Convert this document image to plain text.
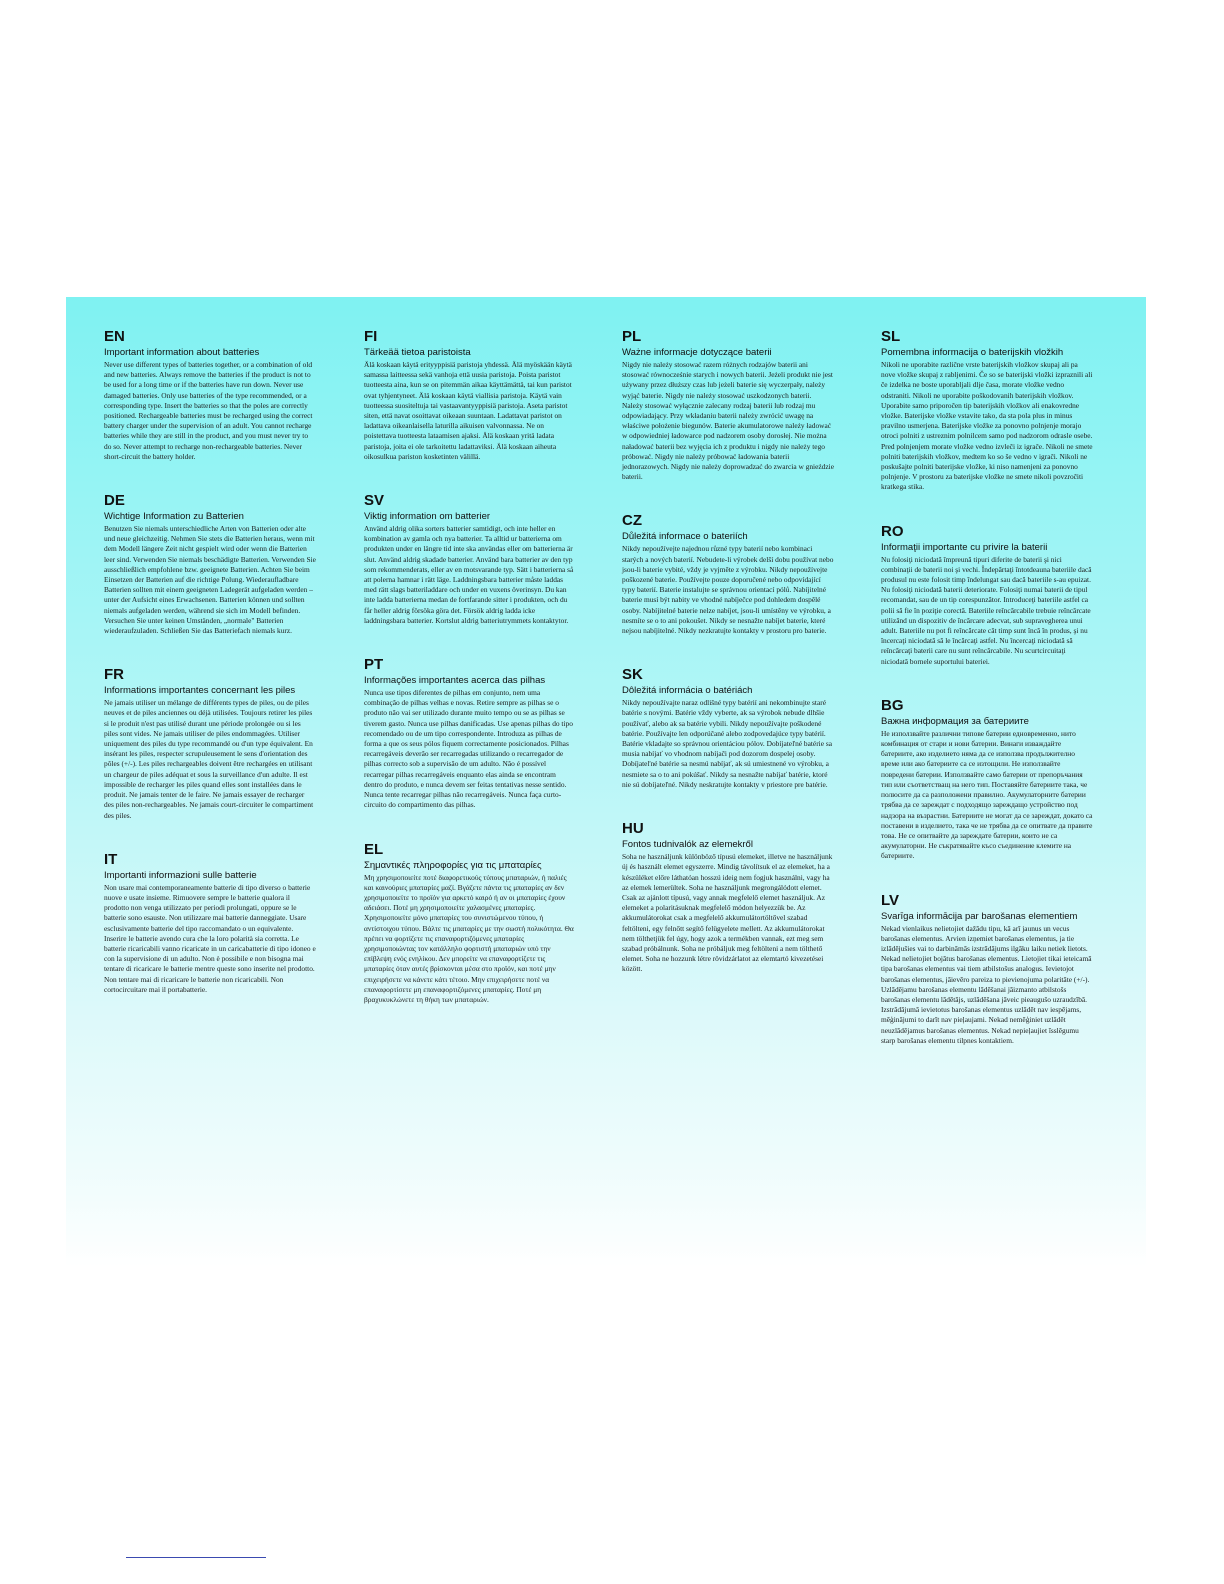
EN
Important information about batteries

Never use different types of batteries together, or a combination of old and new batteries. Always remove the batteries if the product is not to be used for a long time or if the batteries have run down. Never use damaged batteries. Only use batteries of the type recommended, or a corresponding type. Insert the batteries so that the poles are correctly positioned. Rechargeable batteries must be recharged using the correct battery charger under the supervision of an adult. You cannot recharge batteries while they are still in the product, and you must never try to do so. Never attempt to recharge non-rechargeable batteries. Never short-circuit the battery holder.

DE
Wichtige Information zu Batterien

Benutzen Sie niemals unterschiedliche Arten von Batterien oder alte und neue gleichzeitig. Nehmen Sie stets die Batterien heraus, wenn mit dem Modell längere Zeit nicht gespielt wird oder wenn die Batterien leer sind. Verwenden Sie niemals beschädigte Batterien. Verwenden Sie ausschließlich empfohlene bzw. geeignete Batterien. Achten Sie beim Einsetzen der Batterien auf die richtige Polung. Wiederaufladbare Batterien sollten mit einem geeigneten Ladegerät aufgeladen werden – unter der Aufsicht eines Erwachsenen. Batterien können und sollten niemals aufgeladen werden, während sie sich im Modell befinden. Versuchen Sie unter keinen Umständen, „normale" Batterien wiederaufzuladen. Schließen Sie das Batteriefach niemals kurz.

FR
Informations importantes concernant les piles

Ne jamais utiliser un mélange de différents types de piles, ou de piles neuves et de piles anciennes ou déjà utilisées. Toujours retirer les piles si le produit n'est pas utilisé durant une période prolongée ou si les piles sont vides. Ne jamais utiliser de piles endommagées. Utiliser uniquement des piles du type recommandé ou d'un type équivalent. En insérant les piles, respecter scrupuleusement le sens d'orientation des pôles (+/-). Les piles rechargeables doivent être rechargées en utilisant un chargeur de piles adéquat et sous la surveillance d'un adulte. Il est impossible de recharger les piles quand elles sont installées dans le produit. Ne jamais tenter de le faire. Ne jamais essayer de recharger des piles non-rechargeables. Ne jamais court-circuiter le compartiment des piles.

IT
Importanti informazioni sulle batterie

Non usare mai contemporaneamente batterie di tipo diverso o batterie nuove e usate insieme. Rimuovere sempre le batterie qualora il prodotto non venga utilizzato per periodi prolungati, oppure se le batterie sono esauste. Non utilizzare mai batterie danneggiate. Usare esclusivamente batterie del tipo raccomandato o un equivalente. Inserire le batterie avendo cura che la loro polarità sia corretta. Le batterie ricaricabili vanno ricaricate in un caricabatterie di tipo idoneo e con la supervisione di un adulto. Non è possibile e non bisogna mai tentare di ricaricare le batterie mentre queste sono inserite nel prodotto. Non tentare mai di ricaricare le batterie non ricaricabili. Non cortocircuitare mai il portabatterie.

FI
Tärkeää tietoa paristoista

Älä koskaan käytä erityyppisiä paristoja yhdessä. Älä myöskään käytä samassa laitteessa sekä vanhoja että uusia paristoja. Poista paristot tuotteesta aina, kun se on pitemmän aikaa käyttämättä, tai kun paristot ovat tyhjentyneet. Älä koskaan käytä viallisia paristoja. Käytä vain tuotteessa suositeltuja tai vastaavantyyppisiä paristoja. Aseta paristot siten, että navat osoittavat oikeaan suuntaan. Ladattavat paristot on ladattava oikeanlaisella laturilla aikuisen valvonnassa. Ne on poistettava tuotteesta lataamisen ajaksi. Älä koskaan yritä ladata paristoja, joita ei ole tarkoitettu ladattaviksi. Älä koskaan aiheuta oikosulkua pariston kosketinten välillä.

SV
Viktig information om batterier

Använd aldrig olika sorters batterier samtidigt, och inte heller en kombination av gamla och nya batterier. Ta alltid ur batterierna om produkten under en längre tid inte ska användas eller om batterierna är slut. Använd aldrig skadade batterier. Använd bara batterier av den typ som rekommenderats, eller av en motsvarande typ. Sätt i batterierna så att polerna hamnar i rätt läge. Laddningsbara batterier måste laddas med rätt slags batteriladdare och under en vuxens överinsyn. Du kan inte ladda batterierna medan de fortfarande sitter i produkten, och du får heller aldrig försöka göra det. Försök aldrig ladda icke laddningsbara batterier. Kortslut aldrig batteriutrymmets kontaktytor.

PT
Informações importantes acerca das pilhas

Nunca use tipos diferentes de pilhas em conjunto, nem uma combinação de pilhas velhas e novas. Retire sempre as pilhas se o produto não vai ser utilizado durante muito tempo ou se as pilhas se tiverem gasto. Nunca use pilhas danificadas. Use apenas pilhas do tipo recomendado ou de um tipo correspondente. Introduza as pilhas de forma a que os seus pólos fiquem correctamente posicionados. Pilhas recarregáveis deverão ser recarregadas utilizando o recarregador de pilhas correcto sob a supervisão de um adulto. Não é possível recarregar pilhas recarregáveis enquanto elas ainda se encontram dentro do produto, e nunca devem ser feitas tentativas nesse sentido. Nunca tente recarregar pilhas não recarregáveis. Nunca faça curto-circuito do compartimento das pilhas.

EL
Σημαντικές πληροφορίες για τις μπαταρίες

Μη χρησιμοποιείτε ποτέ διαφορετικούς τύπους μπαταριών, ή παλιές και καινούριες μπαταρίες μαζί. Βγάζετε πάντα τις μπαταρίες αν δεν χρησιμοποιείτε το προϊόν για αρκετό καιρό ή αν οι μπαταρίες έχουν αδειάσει. Ποτέ μη χρησιμοποιείτε χαλασμένες μπαταρίες. Χρησιμοποιείτε μόνο μπαταρίες του συνιστώμενου τύπου, ή αντίστοιχου τύπου. Βάλτε τις μπαταρίες με την σωστή πολικότητα. Θα πρέπει να φορτίζετε τις επαναφορτιζόμενες μπαταρίες χρησιμοποιώντας τον κατάλληλο φορτιστή μπαταριών υπό την επίβλεψη ενός ενηλίκου. Δεν μπορείτε να επαναφορτίζετε τις μπαταρίες όταν αυτές βρίσκονται μέσα στο προϊόν, και ποτέ μην επιχειρήσετε να κάνετε κάτι τέτοιο. Μην επιχειρήσετε ποτέ να επαναφορτίσετε μη επαναφορτιζόμενες μπαταρίες. Ποτέ μη βραχυκυκλώνετε τη θήκη των μπαταριών.

PL
Ważne informacje dotyczące baterii

Nigdy nie należy stosować razem różnych rodzajów baterii ani stosować równocześnie starych i nowych baterii. Jeżeli produkt nie jest używany przez dłuższy czas lub jeżeli baterie się wyczerpały, należy wyjąć baterie. Nigdy nie należy stosować uszkodzonych baterii. Należy stosować wyłącznie zalecany rodzaj baterii lub rodzaj mu odpowiadający. Przy wkładaniu baterii należy zwrócić uwagę na właściwe położenie biegunów. Baterie akumulatorowe należy ładować w odpowiedniej ładowarce pod nadzorem osoby dorosłej. Nie można naładować baterii bez wyjęcia ich z produktu i nigdy nie należy tego próbować. Nigdy nie należy próbować ładowania baterii jednorazowych. Nigdy nie należy doprowadzać do zwarcia w gnieździe baterii.

CZ
Důležitá informace o bateriích

Nikdy nepoužívejte najednou různé typy baterií nebo kombinaci starých a nových baterií. Nebudete-li výrobek delší dobu používat nebo jsou-li baterie vybité, vždy je vyjměte z výrobku. Nikdy nepoužívejte poškozené baterie. Používejte pouze doporučené nebo odpovídající typy baterií. Baterie instalujte se správnou orientací pólů. Nabíjitelné baterie musí být nabity ve vhodné nabíječce pod dohledem dospělé osoby. Nabíjitelné baterie nelze nabíjet, jsou-li umístěny ve výrobku, a nesmíte se o to ani pokoušet. Nikdy se nesnažte nabíjet baterie, které nejsou nabíjitelné. Nikdy nezkratujte kontakty v prostoru pro baterie.

SK
Dôležitá informácia o batériách

Nikdy nepoužívajte naraz odlišné typy batérií ani nekombinujte staré batérie s novými. Batérie vždy vyberte, ak sa výrobok nebude dlhšie používať, alebo ak sa batérie vybili. Nikdy nepoužívajte poškodené batérie. Používajte len odporúčané alebo zodpovedajúce typy batérií. Batérie vkladajte so správnou orientáciou pólov. Dobíjateľné batérie sa musia nabíjať vo vhodnom nabíjači pod dozorom dospelej osoby. Dobíjateľné batérie sa nesmú nabíjať, ak sú umiestnené vo výrobku, a nesmiete sa o to ani pokúšať. Nikdy sa nesnažte nabíjať batérie, ktoré nie sú dobíjateľné. Nikdy neskratujte kontakty v priestore pre batérie.

HU
Fontos tudnivalók az elemekről

Soha ne használjunk különböző típusú elemeket, illetve ne használjunk új és használt elemet egyszerre. Mindig távolítsuk el az elemeket, ha a készüléket előre láthatóan hosszú ideig nem fogjuk használni, vagy ha az elemek lemerültek. Soha ne használjunk megrongálódott elemet. Csak az ajánlott típusú, vagy annak megfelelő elemet használjuk. Az elemeket a polaritásuknak megfelelő módon helyezzük be. Az akkumulátorokat csak a megfelelő akkumulátortöltővel szabad feltölteni, egy felnőtt segítő felügyelete mellett. Az akkumulátorokat nem tölthetjük fel úgy, hogy azok a termékben vannak, ezt meg sem szabad próbálnunk. Soha ne próbáljuk meg feltölteni a nem tölthető elemet. Soha ne hozzunk létre rövidzárlatot az elemtartó kivezetései között.

SL
Pomembna informacija o baterijskih vložkih

Nikoli ne uporabite različne vrste baterijskih vložkov skupaj ali pa nove vložke skupaj z rabljenimi. Če so se baterijski vložki izpraznili ali če izdelka ne boste uporabljali dlje časa, morate vložke vedno odstraniti. Nikoli ne uporabite poškodovanih baterijskih vložkov. Uporabite samo priporočen tip baterijskih vložkov ali enakovredne vložke. Baterijske vložke vstavite tako, da sta pola plus in minus pravilno usmerjena. Baterijske vložke za ponovno polnjenje morajo otroci polniti z ustreznim polnilcem samo pod nadzorom odrasle osebe. Pred polnjenjem morate vložke vedno izvleči iz igrače. Nikoli ne smete polniti baterijskih vložkov, medtem ko so še vedno v igrači. Nikoli ne poskušajte polniti baterijske vložke, ki niso namenjeni za ponovno polnjenje. V prostoru za baterijske vložke ne smete nikoli povzročiti kratkega stika.

RO
Informaţii importante cu privire la baterii

Nu folosiţi niciodată împreună tipuri diferite de baterii şi nici combinaţii de baterii noi şi vechi. Îndepărtaţi întotdeauna bateriile dacă produsul nu este folosit timp îndelungat sau dacă bateriile s-au epuizat. Nu folosiţi niciodată baterii deteriorate. Folosiţi numai baterii de tipul recomandat, sau de un tip corespunzător. Introduceţi bateriile astfel ca polii să fie în poziţie corectă. Bateriile reîncărcabile trebuie reîncărcate utilizând un dispozitiv de încărcare adecvat, sub supravegherea unui adult. Bateriile nu pot fi reîncărcate cât timp sunt încă în produs, şi nu încercaţi niciodată să le încărcaţi astfel. Nu încercaţi niciodată să reîncărcaţi baterii care nu sunt reîncărcabile. Nu scurtcircuitaţi niciodată bornele suportului bateriei.

BG
Важна информация за батериите

Не използвайте различни типове батерии едновременно, нито комбинация от стари и нови батерии. Винаги изваждайте батериите, ако изделието няма да се използва продължително време или ако батериите са се изтощили. Не използвайте повредени батерии. Използвайте само батерии от препоръчания тип или съответстващ на него тип. Поставяйте батериите така, че полюсите да са разположени правилно. Акумулаторните батерии трябва да се зареждат с подходящо зареждащо устройство под надзора на възрастни. Батериите не могат да се зареждат, докато са поставени в изделието, така че не трябва да се опитвате да правите това. Не се опитвайте да зареждате батерии, които не са акумулаторни. Не съкратявайте късо съединение клемите на батериите.

LV
Svarīga informācija par barošanas elementiem

Nekad vienlaikus nelietojiet dažādu tipu, kā arī jaunus un vecus barošanas elementus. Arvien izņemiet barošanas elementus, ja tie izlādējušies vai to darbināmās izstrādājums ilgāku laiku netiek lietots. Nekad nelietojiet bojātus barošanas elementus. Lietojiet tikai ieteicamā tipa barošanas elementus vai tiem atbilstošus analogus. Ievietojot barošanas elementus, jāievēro pareiza to pievienojuma polaritāte (+/-). Uzlādējamu barošanas elementu lādēšanai jāizmanto atbilstošs barošanas elementu lādētājs, uzlādēšana jāveic pieaugušo uzraudzībā. Izstrādājumā ievietotus barošanas elementus uzlādēt nav iespējams, mēģinājumi to darīt nav pieļaujami. Nekad nemēģiniet uzlādēt neuzlādējamus barošanas elementus. Nekad nepieļaujiet īsslēgumu starp barošanas elementu tilpnes kontaktiem.
